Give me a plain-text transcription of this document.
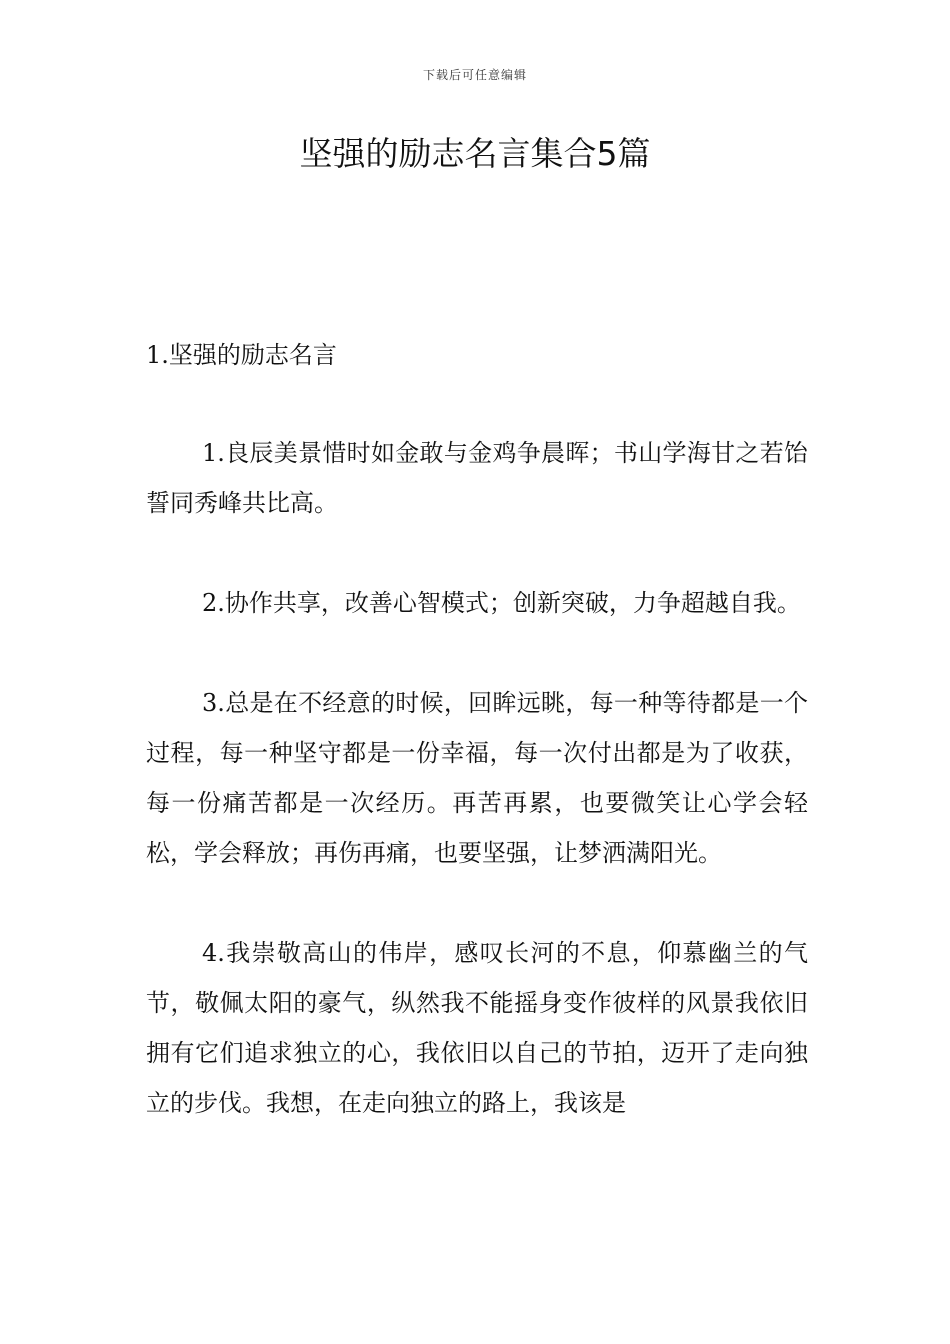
下载后可任意编辑
坚强的励志名言集合5篇

1.坚强的励志名言

1.良辰美景惜时如金敢与金鸡争晨晖；书山学海甘之若饴誓同秀峰共比高。

2.协作共享，改善心智模式；创新突破，力争超越自我。

3.总是在不经意的时候，回眸远眺，每一种等待都是一个过程，每一种坚守都是一份幸福，每一次付出都是为了收获，每一份痛苦都是一次经历。再苦再累，也要微笑让心学会轻松，学会释放；再伤再痛，也要坚强，让梦洒满阳光。

4.我崇敬高山的伟岸，感叹长河的不息，仰慕幽兰的气节，敬佩太阳的豪气，纵然我不能摇身变作彼样的风景我依旧拥有它们追求独立的心，我依旧以自己的节拍，迈开了走向独立的步伐。我想，在走向独立的路上，我该是
